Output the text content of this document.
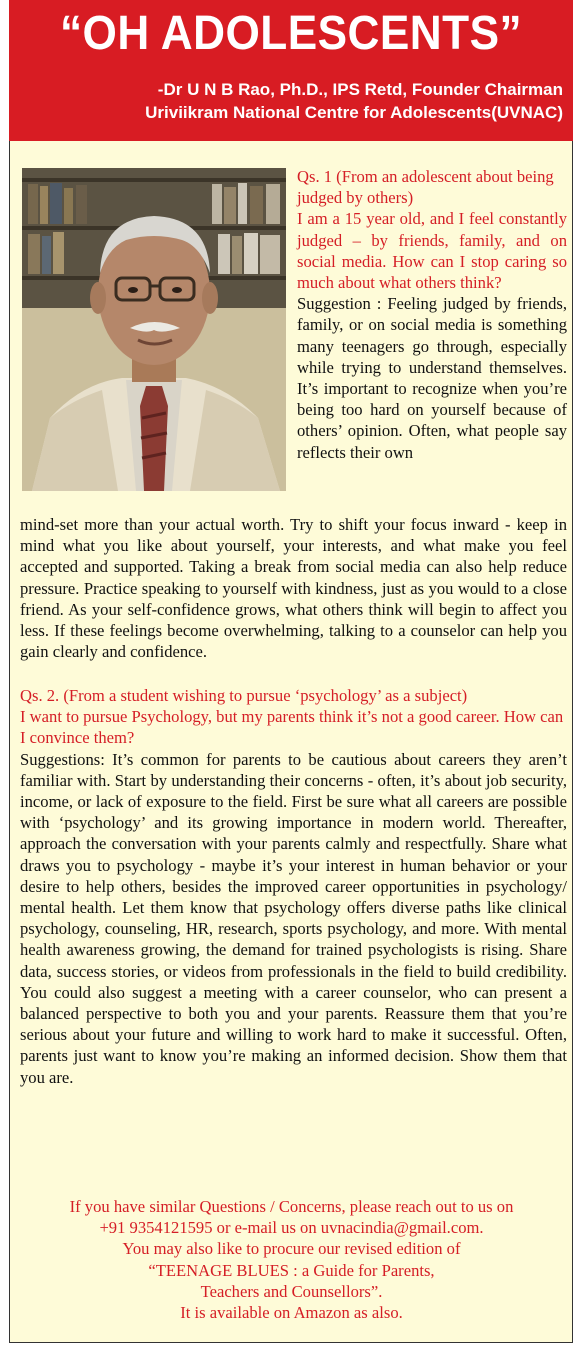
“OH ADOLESCENTS”
-Dr U N B Rao, Ph.D., IPS Retd, Founder Chairman
Uriviikram National Centre for Adolescents(UVNAC)

Qs. 1 (From an adolescent about being judged by others)

I am a 15 year old, and I feel constantly judged – by friends, family, and on social media. How can I stop caring so much about what others think?

Suggestion : Feeling judged by friends, family, or on social media is something many teenagers go through, especially while trying to understand themselves. It’s important to recognize when you’re being too hard on yourself because of others’ opinion. Often, what people say reflects their own

mind-set more than your actual worth. Try to shift your focus inward - keep in mind what you like about yourself, your interests, and what make you feel accepted and supported. Taking a break from social media can also help reduce pressure. Practice speaking to yourself with kindness, just as you would to a close friend. As your self-confidence grows, what others think will begin to affect you less. If these feelings become overwhelming, talking to a counselor can help you gain clearly and confidence.

Qs. 2. (From a student wishing to pursue ‘psychology’ as a subject)

I want to pursue Psychology, but my parents think it’s not a good career. How can I convince them?

Suggestions: It’s common for parents to be cautious about careers they aren’t familiar with. Start by understanding their concerns - often, it’s about job security, income, or lack of exposure to the field. First be sure what all careers are possible with ‘psychology’ and its growing importance in modern world. Thereafter, approach the conversation with your parents calmly and respectfully. Share what draws you to psychology - maybe it’s your interest in human behavior or your desire to help others, besides the improved career opportunities in psychology/ mental health. Let them know that psychology offers diverse paths like clinical psychology, counseling, HR, research, sports psychology, and more. With mental health awareness growing, the demand for trained psychologists is rising. Share data, success stories, or videos from professionals in the field to build credibility. You could also suggest a meeting with a career counselor, who can present a balanced perspective to both you and your parents. Reassure them that you’re serious about your future and willing to work hard to make it successful. Often, parents just want to know you’re making an informed decision. Show them that you are.

If you have similar Questions / Concerns, please reach out to us on
+91 9354121595 or e-mail us on uvnacindia@gmail.com.
You may also like to procure our revised edition of
“TEENAGE BLUES : a Guide for Parents,
Teachers and Counsellors”.
It is available on Amazon as also.
